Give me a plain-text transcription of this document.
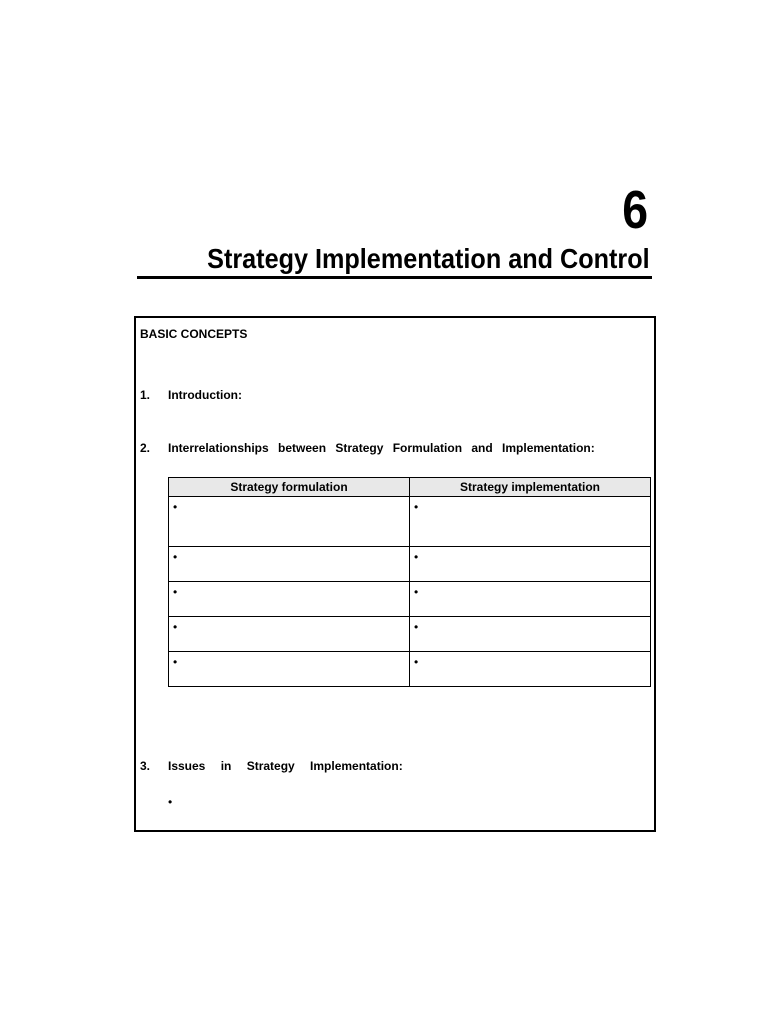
6
Strategy Implementation and Control
BASIC CONCEPTS
1. Introduction:
2. Interrelationships between Strategy Formulation and Implementation:
Strategy formulation	Strategy implementation
•	•
•	•
•	•
•	•
•	•
3. Issues in Strategy Implementation:
•
